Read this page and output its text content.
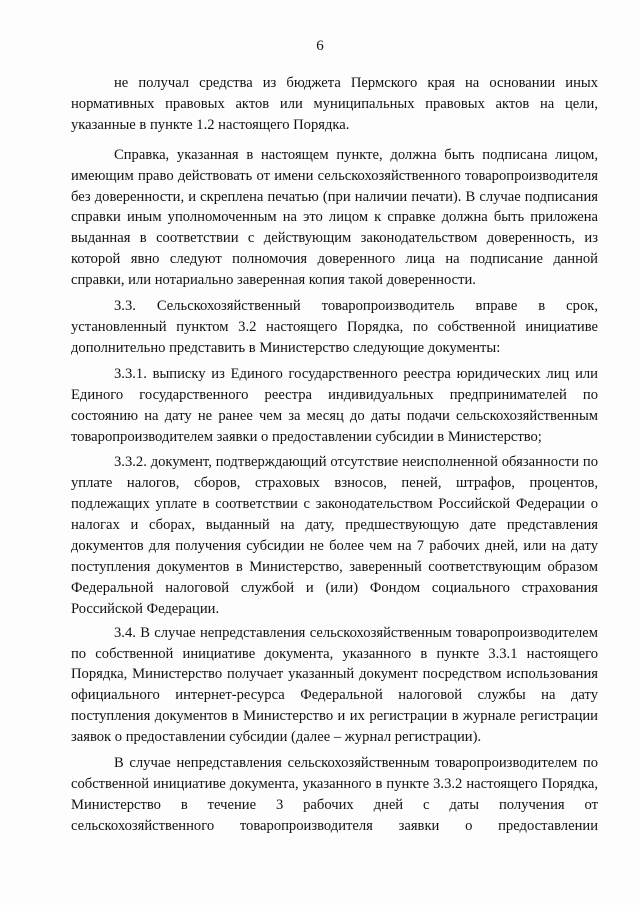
6

не получал средства из бюджета Пермского края на основании иных нормативных правовых актов или муниципальных правовых актов на цели, указанные в пункте 1.2 настоящего Порядка.

Справка, указанная в настоящем пункте, должна быть подписана лицом, имеющим право действовать от имени сельскохозяйственного товаропроизводителя без доверенности, и скреплена печатью (при наличии печати). В случае подписания справки иным уполномоченным на это лицом к справке должна быть приложена выданная в соответствии с действующим законодательством доверенность, из которой явно следуют полномочия доверенного лица на подписание данной справки, или нотариально заверенная копия такой доверенности.

3.3. Сельскохозяйственный товаропроизводитель вправе в срок, установленный пунктом 3.2 настоящего Порядка, по собственной инициативе дополнительно представить в Министерство следующие документы:

3.3.1. выписку из Единого государственного реестра юридических лиц или Единого государственного реестра индивидуальных предпринимателей по состоянию на дату не ранее чем за месяц до даты подачи сельскохозяйственным товаропроизводителем заявки о предоставлении субсидии в Министерство;

3.3.2. документ, подтверждающий отсутствие неисполненной обязанности по уплате налогов, сборов, страховых взносов, пеней, штрафов, процентов, подлежащих уплате в соответствии с законодательством Российской Федерации о налогах и сборах, выданный на дату, предшествующую дате представления документов для получения субсидии не более чем на 7 рабочих дней, или на дату поступления документов в Министерство, заверенный соответствующим образом Федеральной налоговой службой и (или) Фондом социального страхования Российской Федерации.

3.4. В случае непредставления сельскохозяйственным товаропроизводителем по собственной инициативе документа, указанного в пункте 3.3.1 настоящего Порядка, Министерство получает указанный документ посредством использования официального интернет-ресурса Федеральной налоговой службы на дату поступления документов в Министерство и их регистрации в журнале регистрации заявок о предоставлении субсидии (далее – журнал регистрации).

В случае непредставления сельскохозяйственным товаропроизводителем по собственной инициативе документа, указанного в пункте 3.3.2 настоящего Порядка, Министерство в течение 3 рабочих дней с даты получения от сельскохозяйственного товаропроизводителя заявки о предоставлении
